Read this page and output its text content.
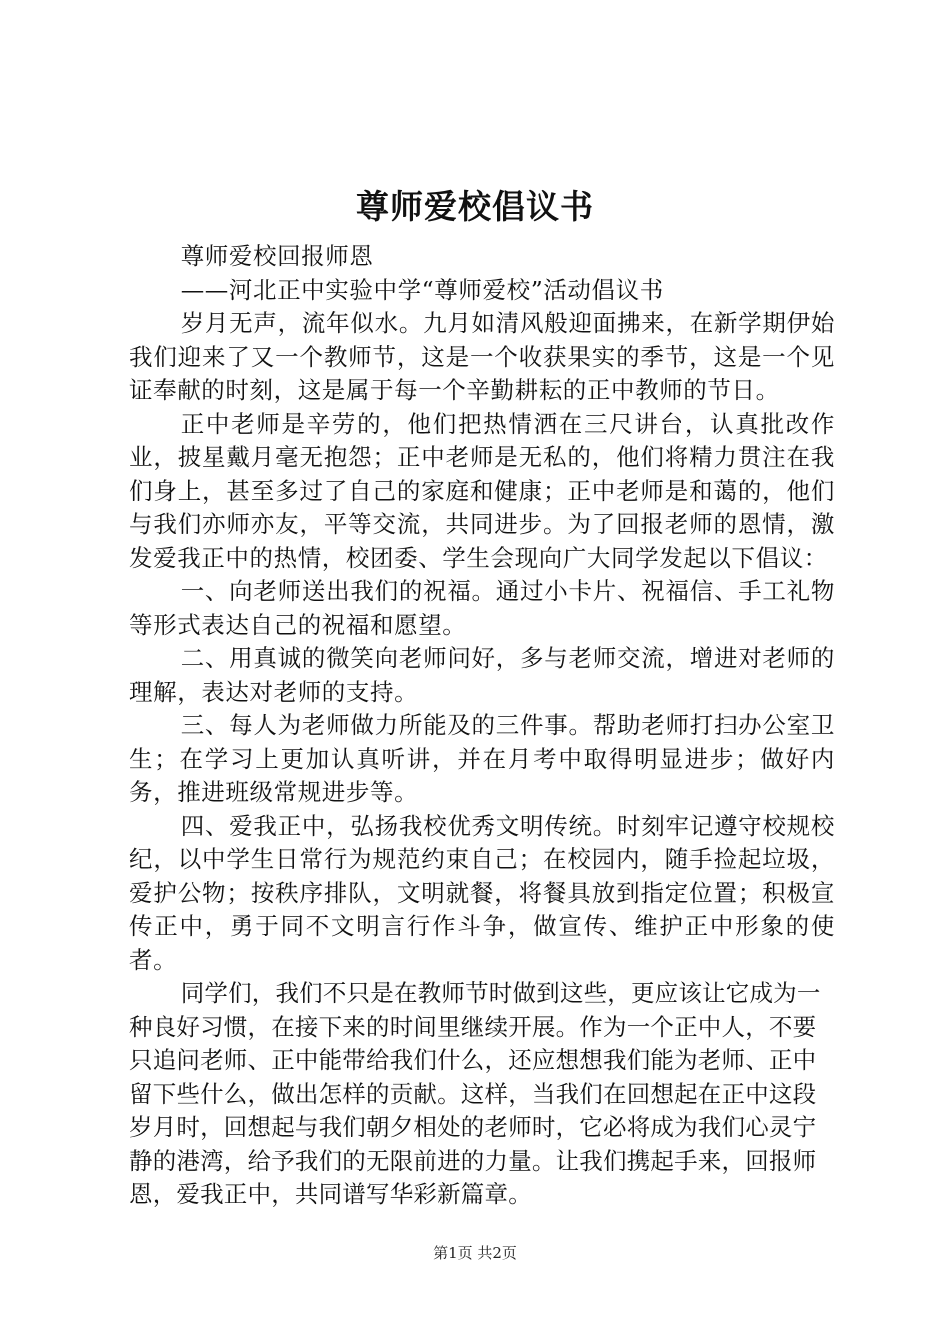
尊师爱校倡议书

尊师爱校回报师恩

——河北正中实验中学“尊师爱校”活动倡议书

岁月无声，流年似水。九月如清风般迎面拂来，在新学期伊始我们迎来了又一个教师节，这是一个收获果实的季节，这是一个见证奉献的时刻，这是属于每一个辛勤耕耘的正中教师的节日。

正中老师是辛劳的，他们把热情洒在三尺讲台，认真批改作业，披星戴月毫无抱怨；正中老师是无私的，他们将精力贯注在我们身上，甚至多过了自己的家庭和健康；正中老师是和蔼的，他们与我们亦师亦友，平等交流，共同进步。为了回报老师的恩情，激发爱我正中的热情，校团委、学生会现向广大同学发起以下倡议：

一、向老师送出我们的祝福。通过小卡片、祝福信、手工礼物等形式表达自己的祝福和愿望。

二、用真诚的微笑向老师问好，多与老师交流，增进对老师的理解，表达对老师的支持。

三、每人为老师做力所能及的三件事。帮助老师打扫办公室卫生；在学习上更加认真听讲，并在月考中取得明显进步；做好内务，推进班级常规进步等。

四、爱我正中，弘扬我校优秀文明传统。时刻牢记遵守校规校纪，以中学生日常行为规范约束自己；在校园内，随手捡起垃圾，爱护公物；按秩序排队，文明就餐，将餐具放到指定位置；积极宣传正中，勇于同不文明言行作斗争，做宣传、维护正中形象的使者。

同学们，我们不只是在教师节时做到这些，更应该让它成为一种良好习惯，在接下来的时间里继续开展。作为一个正中人，不要只追问老师、正中能带给我们什么，还应想想我们能为老师、正中留下些什么，做出怎样的贡献。这样，当我们在回想起在正中这段岁月时，回想起与我们朝夕相处的老师时，它必将成为我们心灵宁静的港湾，给予我们的无限前进的力量。让我们携起手来，回报师恩，爱我正中，共同谱写华彩新篇章。

第1页 共2页
